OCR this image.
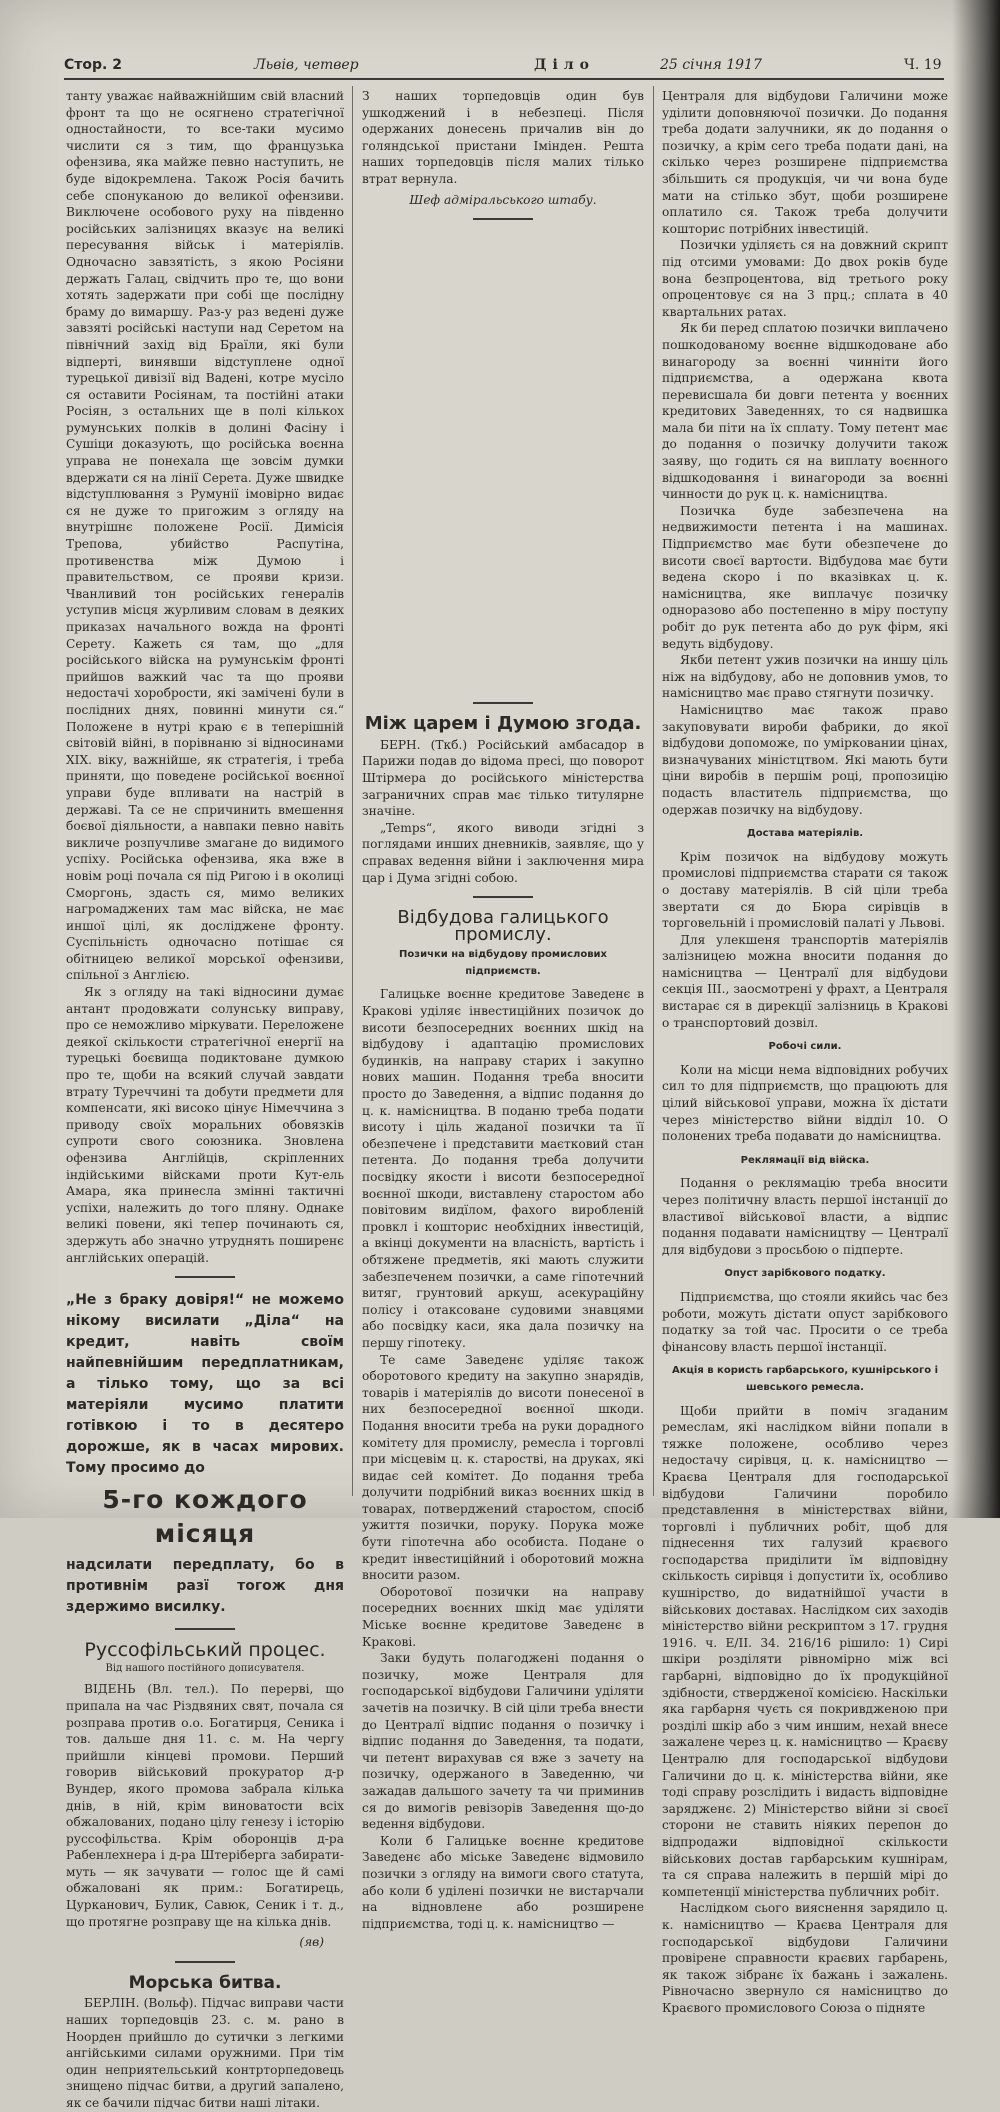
Стор. 2	Львів, четвер	Діло	25 січня 1917	Ч. 19

танту уважає найважнійшим свій власний фронт та що не осягнено стратегічної одностайности, то все-таки мусимо числити ся з тим, що французька офензива, яка майже певно наступить, не буде відокремлена. Також Росія бачить себе спонуканою до великої офензиви. Виключене особового руху на південно російських залізницях вказує на великі пересування військ і матеріялів. Одночасно завзятість, з якою Росіяни держать Галац, свідчить про те, що вони хотять задержати при собі ще послідну браму до вимаршу. Раз-у раз ведені дуже завзяті російські наступи над Серетом на північний захід від Браїли, які були відперті, винявши відступлене одної турецької дивізії від Вадені, котре мусіло ся оставити Росіянам, та постійні атаки Росіян, з остальних ще в полі кількох румунських полків в долині Фасіну і Сушіци доказують, що російська воєнна управа не понехала ще зовсім думки вдержати ся на лінії Серета. Дуже швидке відступлювання з Румунії імовірно видає ся не дуже то пригожим з огляду на внутрішнє положене Росії. Димісія Трепова, убийство Распутіна, противенства між Думою і правительством, се прояви кризи. Чванливий тон російських генералів уступив місця журливим словам в деяких приказах начального вожда на фронті Серету. Кажеть ся там, що „для російського війска на румунськім фронті прийшов важкий час та що прояви недостачі хоробрости, які замічені були в послідних днях, повинні минути ся.“ Положене в нутрі краю є в теперішній світовій війні, в порівнаню зі відносинами XIX. віку, важнійше, як стратегія, і треба приняти, що поведене російської воєнної управи буде впливати на настрій в державі. Та се не спричинить вмешення боєвої діяльности, а навпаки певно навіть викличе розпучливе змагане до видимого успіху. Російська офензива, яка вже в новім році почала ся під Ригою і в околиці Сморгонь, здасть ся, мимо великих нагромаджених там мас війска, не має иншої цілі, як досліджене фронту. Суспільність одночасно потішає ся обітницею великої морської офензиви, спільної з Англією.

Як з огляду на такі відносини думає антант продовжати солунську виправу, про се неможливо міркувати. Переложене деякої скількости стратегічної енергії на турецькі боєвища подиктоване думкою про те, щоби на всякий случай завдати втрату Туреччині та добути предмети для компенсати, які високо цінує Німеччина з приводу своїх моральних обовязків супроти свого союзника. Зновлена офензива Англійців, скріпленних індійськими війсками проти Кут-ель Амара, яка принесла змінні тактичні успіхи, належить до того пляну. Однаке великі повени, які тепер починають ся, здержуть або значно утруднять поширенє англійських операцій.

„Не з браку довіря!“ не можемо нікому висилати „Діла“ на кредит, навіть своїм найпевнійшим передплатникам, а тілько тому, що за всі матеріяли мусимо платити готівкою і то в десятеро дорожше, як в часах мирових. Тому просимо до
5-го кождого місяця
надсилати передплату, бо в противнім разї тогож дня здержимо висилку.
Руссофільський процес.
Від нашого постійного дописувателя.

ВІДЕНЬ (Вл. тел.). По перерві, що припала на час Різдвяних свят, почала ся розправа против о.о. Богатирця, Сеника і тов. дальше дня 11. с. м. На чергу прийшли кінцеві промови. Перший говорив військовий прокуратор д-р Вундер, якого промова забрала кілька днів, в ній, крім виноватости всіх обжалованих, подано цілу генезу і історію руссофільства. Крім оборонців д-ра Рабенлехнера і д-ра Штеріберга забирати-муть — як зачувати — голос ще й самі обжаловані як прим.: Богатирець, Цурканович, Булик, Савюк, Сеник і т. д., що протягне розправу ще на кілька днів.

(яв)
Морська битва.

БЕРЛІН. (Вольф). Підчас виправи части наших торпедовців 23. с. м. рано в Ноорден прийшло до сутички з легкими ангійськими силами оружними. При тім один неприятельський контрторпедовець знищено підчас битви, а другий запалено, як се бачили підчас битви наші літаки.

З наших торпедовців один був ушкоджений і в небезпеці. Після одержаних донесень причалив він до голяндської пристани Імінден. Решта наших торпедовців після малих тілько втрат вернула.

Шеф адміральського штабу.
Між царем і Думою згода.

БЕРН. (Ткб.) Російський амбасадор в Парижи подав до відома пресі, що поворот Штірмера до російського міністерства заграничних справ має тілько титулярне значіне.

„Temps“, якого виводи згідні з поглядами инших дневників, заявляє, що у справах ведення війни і заключення мира цар і Дума згідні собою.

Відбудова галицького промислу.
Позички на відбудову промислових підприємств.

Галицьке воєнне кредитове Заведенє в Кракові уділяє інвестиційних позичок до висоти безпосередних воєнних шкід на відбудову і адаптацію промислових будинків, на направу старих і закупно нових машин. Подання треба вносити просто до Заведення, а відпис подання до ц. к. намісництва. В поданю треба подати висоту і ціль жаданої позички та її обезпечене і представити маєтковий стан петента. До подання треба долучити посвідку якости і висоти безпосередної воєнної шкоди, виставлену старостом або повітовим видїлом, фахого виробленій провкл і кошторис необхідних інвестицій, а вкінці документи на власність, вартість і обтяжене предметів, які мають служити забезпеченем позички, а саме гіпотечний витяг, грунтовий аркуш, асекураційну полісу і отаксоване судовими знавцями або посвідку каси, яка дала позичку на першу гіпотеку.

Те саме Заведенє уділяє також оборотового кредиту на закупно знарядів, товарів і матеріялів до висоти понесеної в них безпосередної воєнної шкоди. Подання вносити треба на руки дорадного комітету для промислу, ремесла і торговлі при місцевім ц. к. старостві, на друках, які видає сей комітет. До подання треба долучити подрібний виказ воєнних шкід в товарах, потверджений старостом, спосіб ужиття позички, поруку. Порука може бути гіпотечна або особиста. Подане о кредит інвестиційний і оборотовий можна вносити разом.

Оборотової позички на направу посередних воєнних шкід має уділяти Міське воєнне кредитове Заведенє в Кракові.

Заки будуть полагоджені подання о позичку, може Централя для господарської відбудови Галичини уділяти зачетів на позичку. В сій ціли треба внести до Централї відпис подання о позичку і відпис подання до Заведення, та подати, чи петент вирахував ся вже з зачету на позичку, одержаного в Заведенню, чи зажадав дальшого зачету та чи приминив ся до вимогів ревізорів Заведення що-до ведення відбудови.

Коли б Галицьке воєнне кредитове Заведенє або міське Заведенє відмовило позички з огляду на вимоги свого статута, або коли б уділені позички не вистарчали на відновлене або розширене підприємства, тоді ц. к. намісництво —

Централя для відбудови Галичини може уділити доповняючої позички. До подання треба додати залучники, як до подання о позичку, а крім сего треба подати дані, на скілько через розширене підприємства збільшить ся продукція, чи чи вона буде мати на стілько збут, щоби розширене оплатило ся. Також треба долучити кошторис потрібних інвестицій.

Позички уділяєть ся на довжний скрипт під отсими умовами: До двох років буде вона безпроцентова, від третього року опроцентовує ся на 3 прц.; сплата в 40 квартальних ратах.

Як би перед сплатою позички виплачено пошкодованому воєнне відшкодоване або винагороду за воєнні чинніти його підприємства, а одержана квота перевисшала би довги петента у воєнних кредитових Заведеннях, то ся надвишка мала би піти на їх сплату. Тому петент має до подання о позичку долучити також заяву, що годить ся на виплату воєнного відшкодовання і винагороди за воєнні чинности до рук ц. к. намісництва.

Позичка буде забезпечена на недвижимости петента і на машинах. Підприємство має бути обезпечене до висоти своєї вартости. Відбудова має бути ведена скоро і по вказівках ц. к. намісництва, яке виплачує позичку одноразово або постепенно в міру поступу робіт до рук петента або до рук фірм, які ведуть відбудову.

Якби петент ужив позички на иншу ціль ніж на відбудову, або не доповнив умов, то намісництво має право стягнути позичку.

Намісництво має також право закуповувати вироби фабрики, до якої відбудови допоможе, по умірковании цінах, визначуваних міністцтвом. Які мають бути ціни виробів в першім році, пропозицію подасть властитель підприємства, що одержав позичку на відбудову.

Достава матеріялів.

Крім позичок на відбудову можуть промислові підприємства старати ся також о доставу матеріялів. В сій ціли треба звертати ся до Бюра сирівців в торговельній і промисловій палаті у Львові.

Для улекшеня транспортів матеріялів залізницею можна вносити подання до намісництва — Централї для відбудови секція III., заосмотрені у фрахт, а Централя вистарає ся в дирекції залізниць в Кракові о транспортовий дозвіл.

Робочі сили.

Коли на місци нема відповідних робучих сил то для підприємств, що працюють для цілий військової управи, можна їх дістати через міністерство війни відділ 10. О полонених треба подавати до намісництва.

Реклямації від війска.

Подання о реклямацію треба вносити через політичну власть першої інстанції до властивої військової власти, а відпис подання подавати намісництву — Централї для відбудови з просьбою о підперте.

Опуст зарібкового податку.

Підприємства, що стояли якийсь час без роботи, можуть дістати опуст зарібкового податку за той час. Просити о се треба фінансову власть першої інстанції.

Акція в користь гарбарського, кушнірського і шевського ремесла.

Щоби прийти в поміч згаданим ремеслам, які наслідком війни попали в тяжке положене, особливо через недостачу сирівця, ц. к. намісництво — Краєва Централя для господарської відбудови Галичини поробило представлення в міністерствах війни, торговлі і публичних робіт, щоб для піднесення тих галузий краєвого господарства приділити їм відповідну скількость сирівця і допустити їх, особливо кушнірство, до видатнійшої участи в військових доставах. Наслідком сих заходів міністерство війни рескриптом з 17. грудня 1916. ч. Е/II. 34. 216/16 рішило: 1) Сирі шкіри розділяти рівномірно між всі гарбарні, відповідно до їх продукційної здібности, ствердженої комісією. Наскільки яка гарбарня чуєть ся покривдженою при розділі шкір або з чим иншим, нехай внесе зажалене через ц. к. намісництво — Краєву Централю для господарської відбудови Галичини до ц. к. міністерства війни, яке тоді справу розслідить і видасть відповідне зарядженє. 2) Міністерство війни зі своєї сторони не ставить ніяких перепон до відпродажи відповідної скількости військових достав гарбарським кушнірам, та ся справа належить в першій мірі до компетенції міністерства публичних робіт.

Наслідком сього вияснення зарядило ц. к. намісництво — Краєва Централя для господарської відбудови Галичини провірене справности краєвих гарбарень, як також зібранє їх бажань і зажалень. Рівночасно звернуло ся намісництво до Краєвого промислового Союза о підняте
